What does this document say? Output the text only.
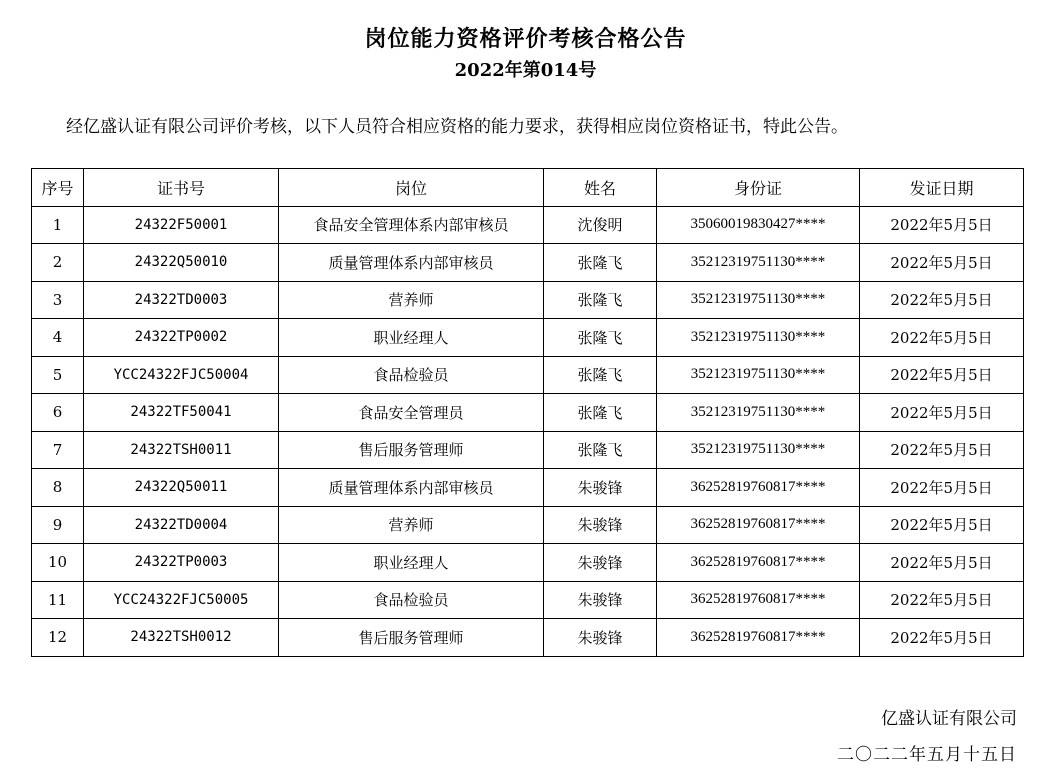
岗位能力资格评价考核合格公告
2022年第014号
经亿盛认证有限公司评价考核，以下人员符合相应资格的能力要求，获得相应岗位资格证书，特此公告。
序号	证书号	岗位	姓名	身份证	发证日期
1	24322F50001	食品安全管理体系内部审核员	沈俊明	35060019830427****	2022年5月5日
2	24322Q50010	质量管理体系内部审核员	张隆飞	35212319751130****	2022年5月5日
3	24322TD0003	营养师	张隆飞	35212319751130****	2022年5月5日
4	24322TP0002	职业经理人	张隆飞	35212319751130****	2022年5月5日
5	YCC24322FJC50004	食品检验员	张隆飞	35212319751130****	2022年5月5日
6	24322TF50041	食品安全管理员	张隆飞	35212319751130****	2022年5月5日
7	24322TSH0011	售后服务管理师	张隆飞	35212319751130****	2022年5月5日
8	24322Q50011	质量管理体系内部审核员	朱骏锋	36252819760817****	2022年5月5日
9	24322TD0004	营养师	朱骏锋	36252819760817****	2022年5月5日
10	24322TP0003	职业经理人	朱骏锋	36252819760817****	2022年5月5日
11	YCC24322FJC50005	食品检验员	朱骏锋	36252819760817****	2022年5月5日
12	24322TSH0012	售后服务管理师	朱骏锋	36252819760817****	2022年5月5日
亿盛认证有限公司
二〇二二年五月十五日
